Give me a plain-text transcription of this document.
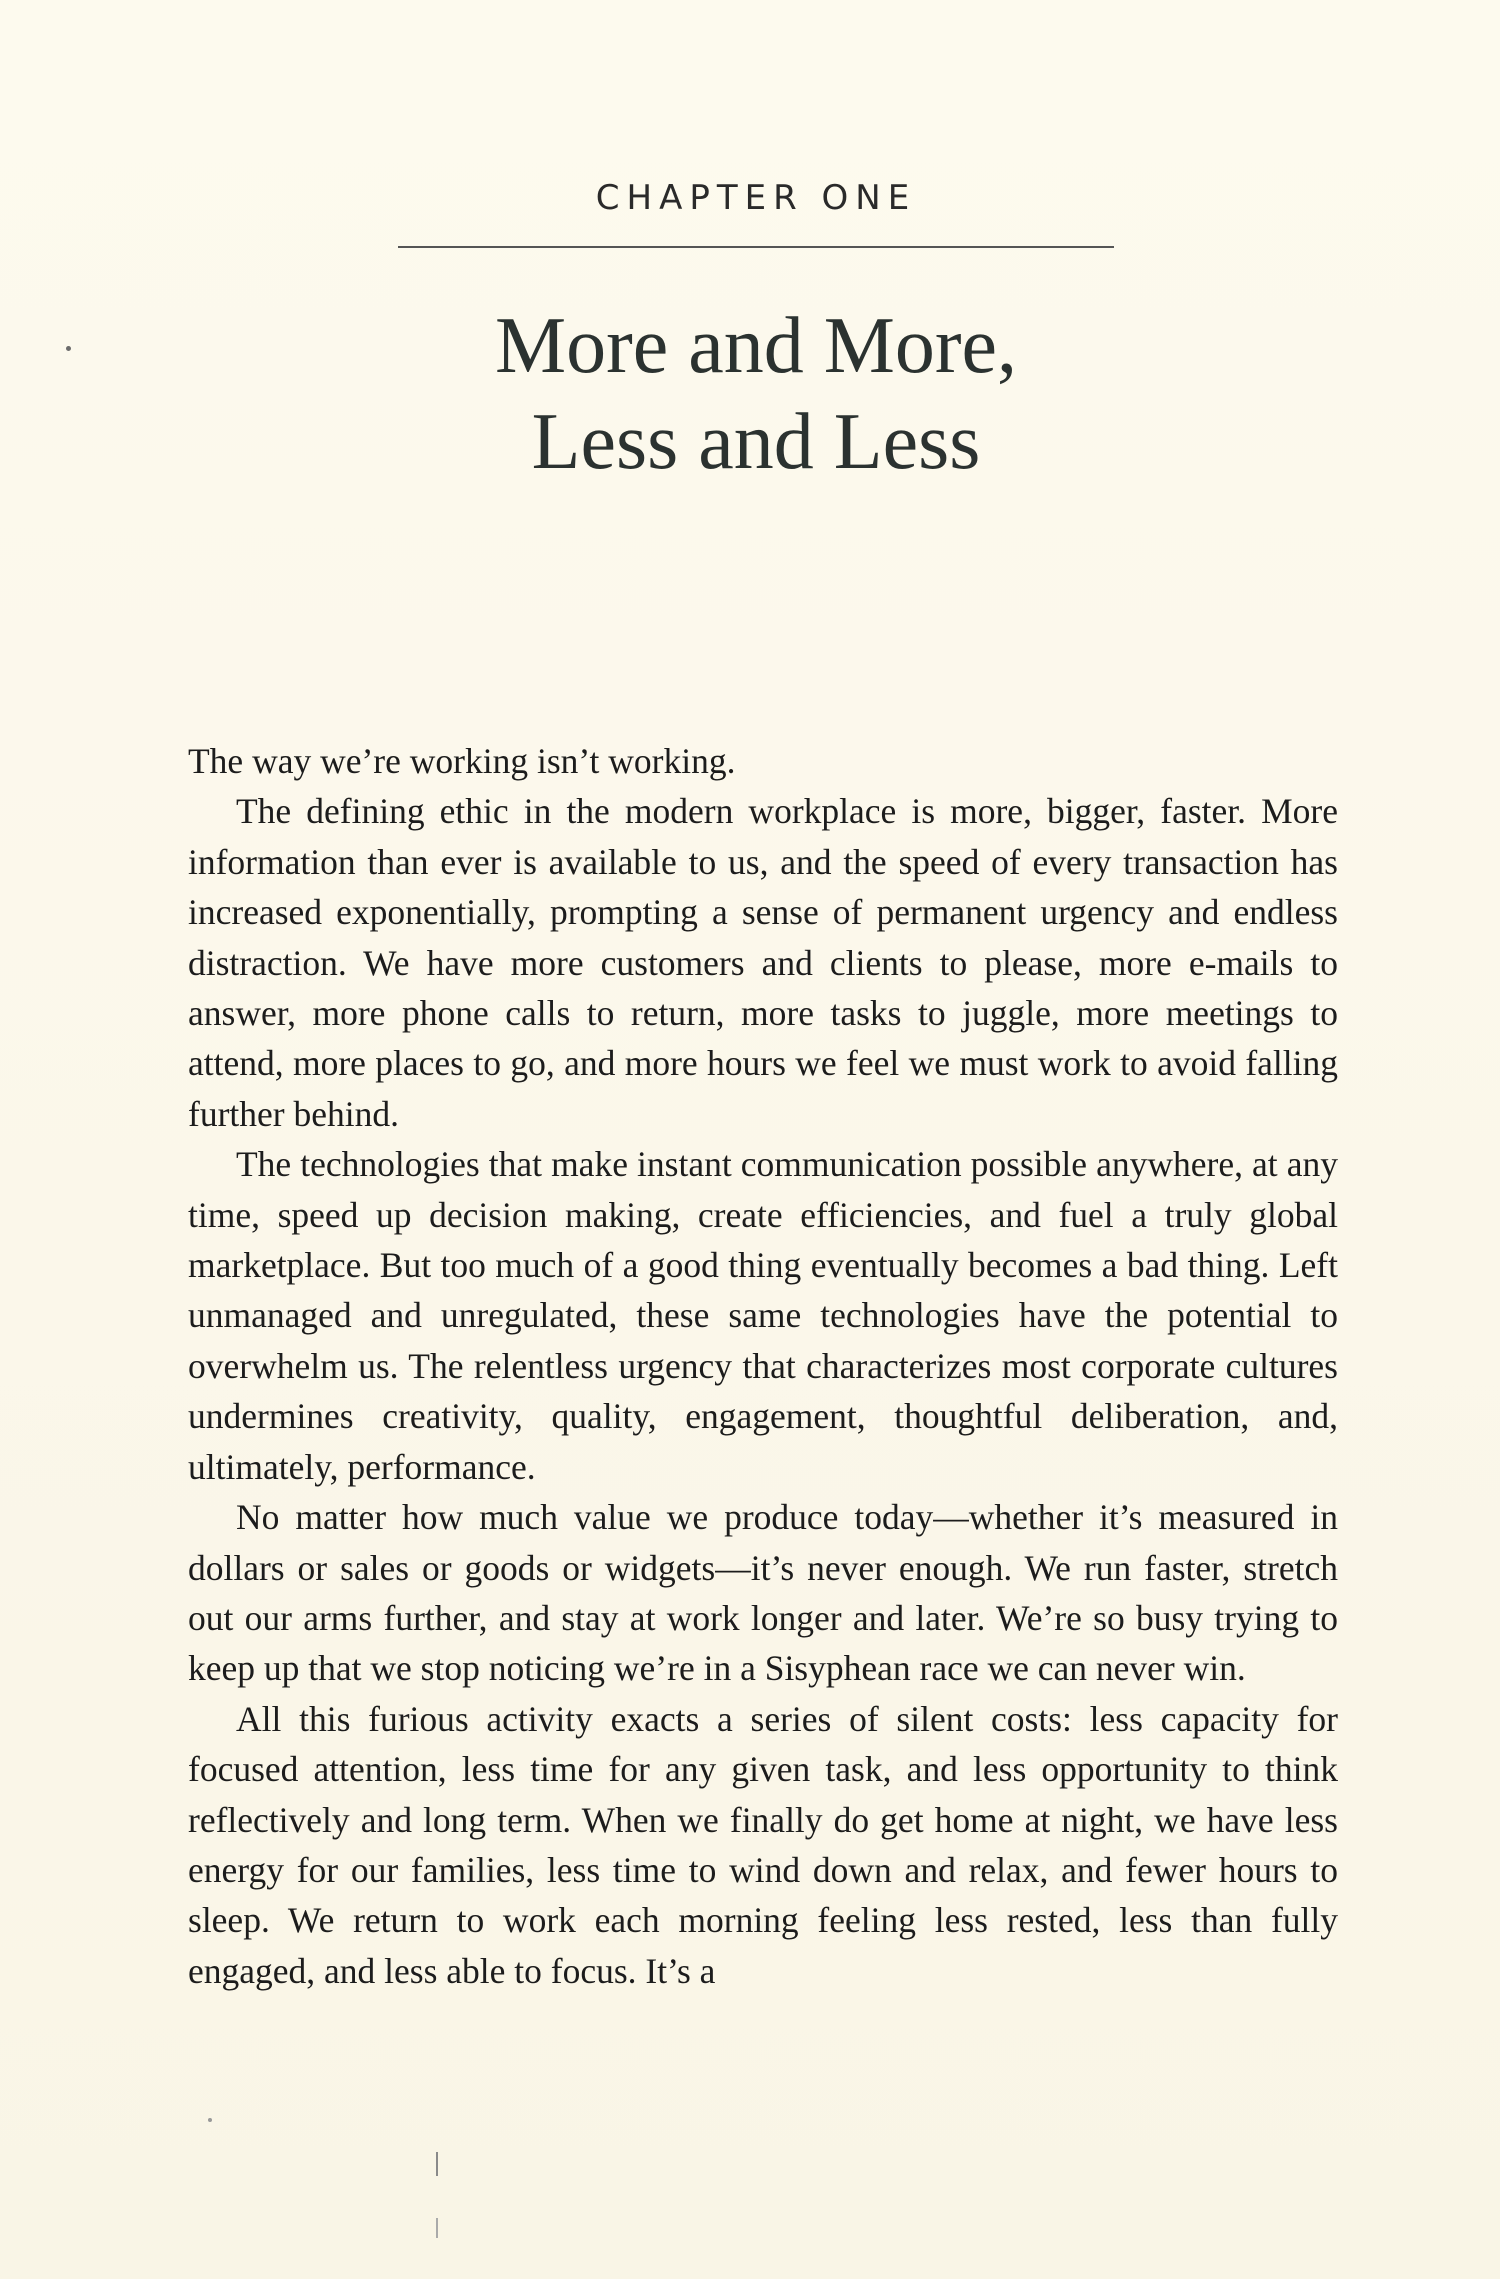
CHAPTER ONE
More and More,
Less and Less

The way we’re working isn’t working.

The defining ethic in the modern workplace is more, bigger, faster. More information than ever is available to us, and the speed of every transaction has increased exponentially, prompting a sense of permanent urgency and endless distraction. We have more customers and clients to please, more e-mails to answer, more phone calls to return, more tasks to juggle, more meetings to attend, more places to go, and more hours we feel we must work to avoid falling further behind.

The technologies that make instant communication possible anywhere, at any time, speed up decision making, create efficiencies, and fuel a truly global marketplace. But too much of a good thing eventually becomes a bad thing. Left unmanaged and unregulated, these same technologies have the potential to overwhelm us. The relentless urgency that characterizes most corporate cultures undermines creativity, quality, engagement, thoughtful deliberation, and, ultimately, performance.

No matter how much value we produce today—whether it’s measured in dollars or sales or goods or widgets—it’s never enough. We run faster, stretch out our arms further, and stay at work longer and later. We’re so busy trying to keep up that we stop noticing we’re in a Sisyphean race we can never win.

All this furious activity exacts a series of silent costs: less capacity for focused attention, less time for any given task, and less opportunity to think reflectively and long term. When we finally do get home at night, we have less energy for our families, less time to wind down and relax, and fewer hours to sleep. We return to work each morning feeling less rested, less than fully engaged, and less able to focus. It’s a
